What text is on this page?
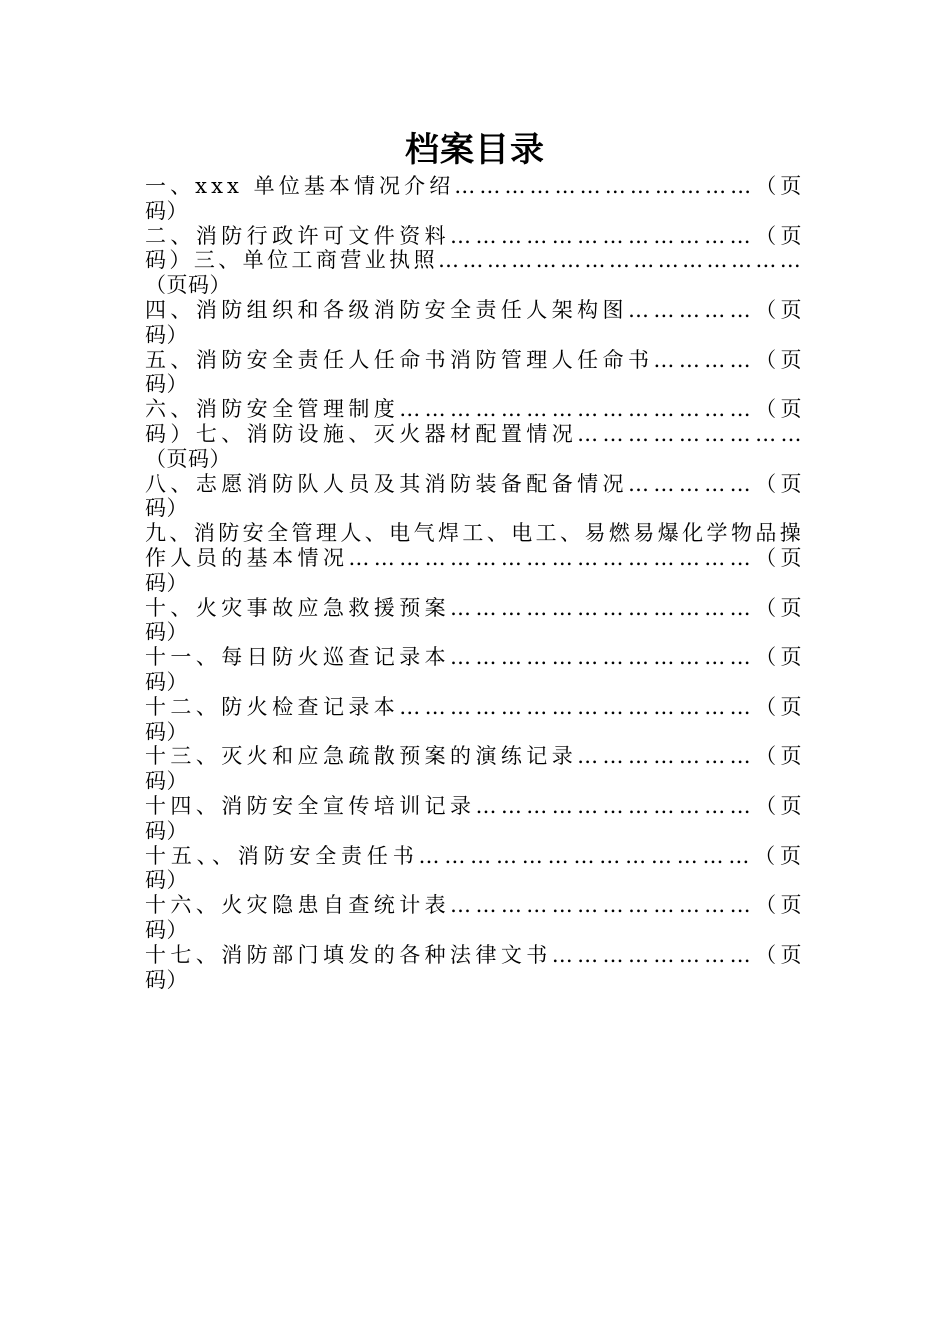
档案目录
一、xxx 单位基本情况介绍………………………………（页
码）
二、消防行政许可文件资料………………………………（页
码）三、单位工商营业执照………………………………………
（页码）
四、消防组织和各级消防安全责任人架构图……………（页
码）
五、消防安全责任人任命书消防管理人任命书…………（页
码）
六、消防安全管理制度……………………………………（页
码）七、消防设施、灭火器材配置情况………………………
（页码）
八、志愿消防队人员及其消防装备配备情况……………（页
码）
九、消防安全管理人、电气焊工、电工、易燃易爆化学物品操
作人员的基本情况…………………………………………（页
码）
十、火灾事故应急救援预案………………………………（页
码）
十一、每日防火巡查记录本………………………………（页
码）
十二、防火检查记录本……………………………………（页
码）
十三、灭火和应急疏散预案的演练记录…………………（页
码）
十四、消防安全宣传培训记录……………………………（页
码）
十五、、消防安全责任书…………………………………（页
码）
十六、火灾隐患自查统计表………………………………（页
码）
十七、消防部门填发的各种法律文书……………………（页
码）
